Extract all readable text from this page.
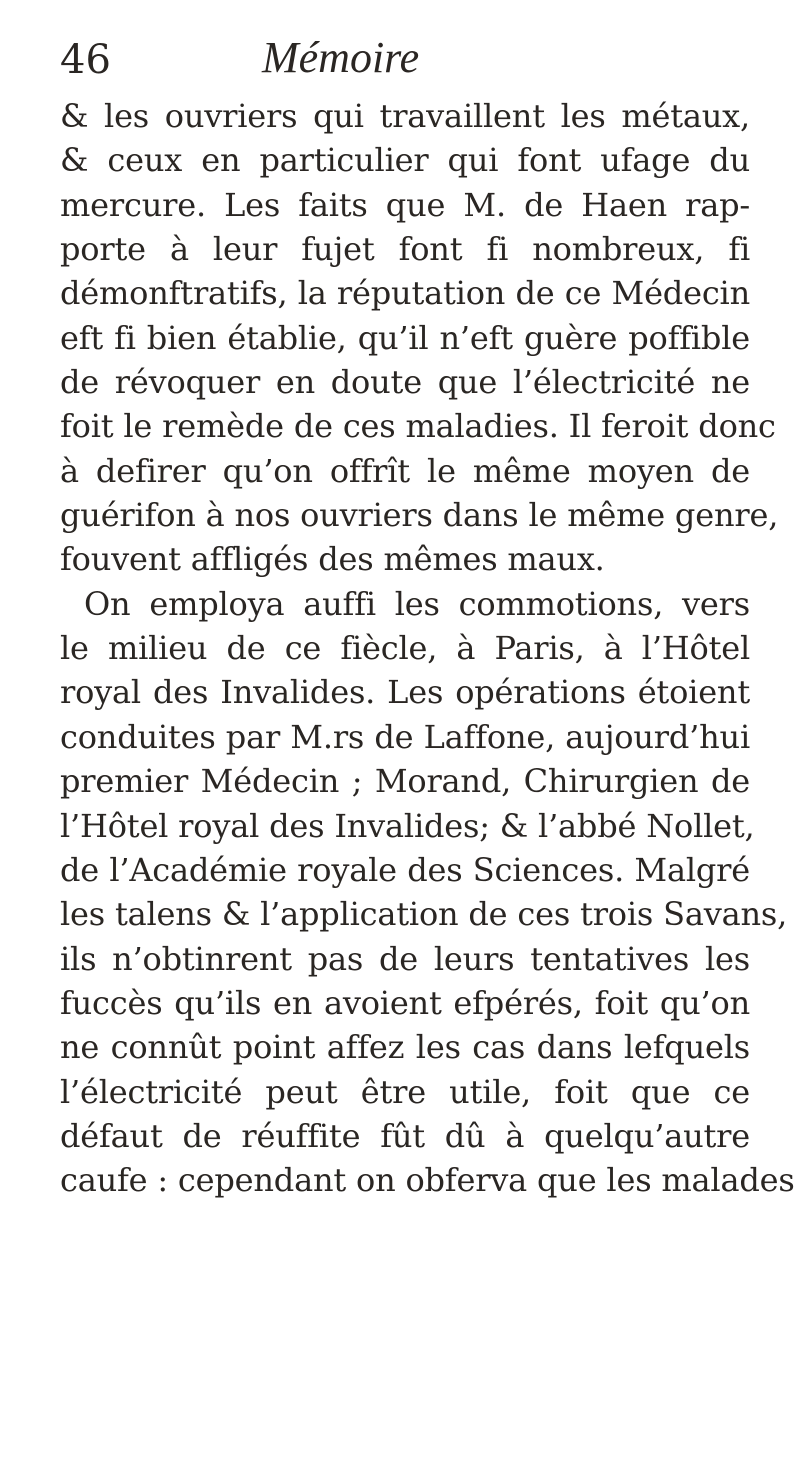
46	Mémoire
& les ouvriers qui travaillent les métaux,
& ceux en particulier qui font ufage du
mercure. Les faits que M. de Haen rap-
porte à leur fujet font fi nombreux, fi
démonftratifs, la réputation de ce Médecin
eft fi bien établie, qu’il n’eft guère poffible
de révoquer en doute que l’électricité ne
foit le remède de ces maladies. Il feroit donc
à defirer qu’on offrît le même moyen de
guérifon à nos ouvriers dans le même genre,
fouvent affligés des mêmes maux.
On employa auffi les commotions, vers
le milieu de ce fiècle, à Paris, à l’Hôtel
royal des Invalides. Les opérations étoient
conduites par M.rs de Laffone, aujourd’hui
premier Médecin ; Morand, Chirurgien de
l’Hôtel royal des Invalides; & l’abbé Nollet,
de l’Académie royale des Sciences. Malgré
les talens & l’application de ces trois Savans,
ils n’obtinrent pas de leurs tentatives les
fuccès qu’ils en avoient efpérés, foit qu’on
ne connût point affez les cas dans lefquels
l’électricité peut être utile, foit que ce
défaut de réuffite fût dû à quelqu’autre
caufe : cependant on obferva que les malades
